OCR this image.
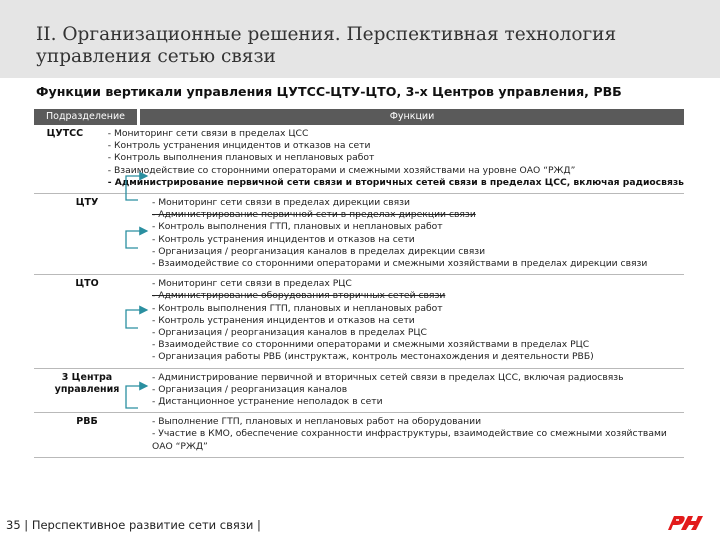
II. Организационные решения. Перспективная технология управления сетью связи
Функции вертикали управления ЦУТСС-ЦТУ-ЦТО, 3-х Центров управления, РВБ
Подразделение	Функции
ЦУТСС	- Мониторинг сети связи в пределах ЦСС
- Контроль устранения инцидентов и отказов на сети
- Контроль выполнения плановых и неплановых работ
- Взаимодействие со сторонними операторами и смежными хозяйствами на уровне ОАО “РЖД”
- Администрирование первичной сети связи и вторичных сетей связи в пределах ЦСС, включая радиосвязь
ЦТУ	- Мониторинг сети связи в пределах дирекции связи
- Администрирование первичной сети в пределах дирекции связи
- Контроль выполнения ГТП, плановых и неплановых работ
- Контроль устранения инцидентов и отказов на сети
- Организация / реорганизация каналов в пределах дирекции связи
- Взаимодействие со сторонними операторами и смежными хозяйствами в пределах дирекции связи
ЦТО	- Мониторинг сети связи в пределах РЦС
- Администрирование оборудования вторичных сетей связи
- Контроль выполнения ГТП, плановых и неплановых работ
- Контроль устранения инцидентов и отказов на сети
- Организация / реорганизация каналов в пределах РЦС
- Взаимодействие со сторонними операторами и смежными хозяйствами в пределах РЦС
- Организация работы РВБ (инструктаж, контроль местонахождения и деятельности РВБ)
3 Центра управления
- Администрирование первичной и вторичных сетей связи в пределах ЦСС, включая радиосвязь
- Организация / реорганизация каналов
- Дистанционное устранение неполадок в сети
РВБ	- Выполнение ГТП, плановых и неплановых работ на оборудовании
- Участие в КМО, обеспечение сохранности инфраструктуры, взаимодействие со смежными хозяйствами ОАО “РЖД”
35 | Перспективное развитие сети связи |
